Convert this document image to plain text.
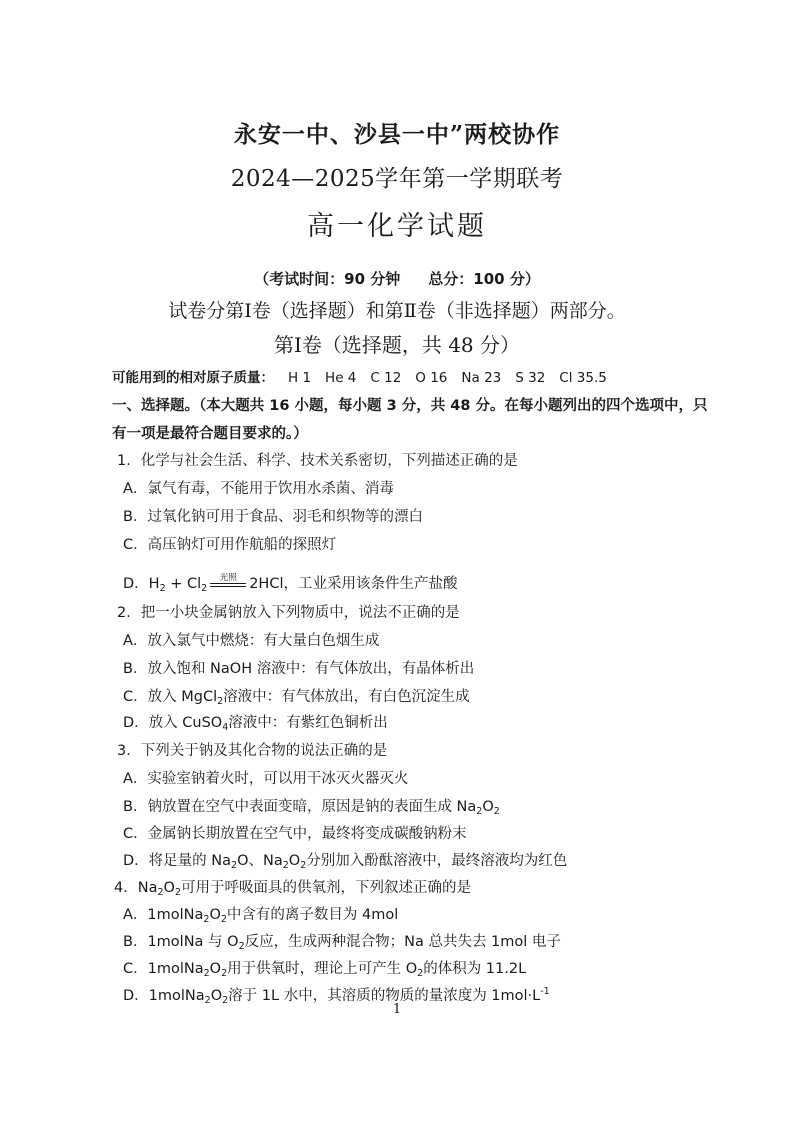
永安一中、沙县一中”两校协作
2024—2025学年第一学期联考
高一化学试题
（考试时间：90 分钟 总分：100 分）
试卷分第Ⅰ卷（选择题）和第Ⅱ卷（非选择题）两部分。
第Ⅰ卷（选择题，共 48 分）
可能用到的相对原子质量： H 1 He 4 C 12 O 16 Na 23 S 32 Cl 35.5
一、选择题。（本大题共 16 小题，每小题 3 分，共 48 分。在每小题列出的四个选项中，只
有一项是最符合题目要求的。）
1．化学与社会生活、科学、技术关系密切，下列描述正确的是
A．氯气有毒，不能用于饮用水杀菌、消毒
B．过氧化钠可用于食品、羽毛和织物等的漂白
C．高压钠灯可用作航船的探照灯
D．$H_2 + Cl_2$
光照 2HCl，工业采用该条件生产盐酸
2．把一小块金属钠放入下列物质中，说法不正确的是
A．放入氯气中燃烧：有大量白色烟生成
B．放入饱和 NaOH 溶液中：有气体放出，有晶体析出
C．放入 MgCl$_2$溶液中：有气体放出，有白色沉淀生成
D．放入 CuSO$_4$溶液中：有紫红色铜析出
3．下列关于钠及其化合物的说法正确的是
A．实验室钠着火时，可以用干冰灭火器灭火
B．钠放置在空气中表面变暗，原因是钠的表面生成 $Na_2O_2$
C．金属钠长期放置在空气中，最终将变成碳酸钠粉末
D．将足量的 $Na_2O$、$Na_2O_2$分别加入酚酞溶液中，最终溶液均为红色
4．$Na_2O_2$可用于呼吸面具的供氧剂，下列叙述正确的是
A．$1molNa_2O_2$中含有的离子数目为 4mol
B．1molNa 与 $O_2$反应，生成两种混合物；Na 总共失去 1mol 电子
C．$1molNa_2O_2$用于供氧时，理论上可产生 $O_2$的体积为 11.2L
D．$1molNa_2O_2$溶于 1L 水中，其溶质的物质的量浓度为 $1mol\cdot L^{-1}$
1
